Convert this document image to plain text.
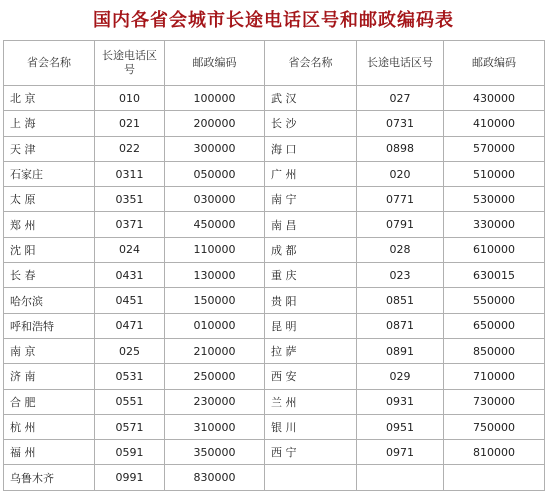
国内各省会城市长途电话区号和邮政编码表
省会名称	长途电话区号	邮政编码	省会名称	长途电话区号	邮政编码
北 京	010	100000	武 汉	027	430000
上 海	021	200000	长 沙	0731	410000
天 津	022	300000	海 口	0898	570000
石家庄	0311	050000	广 州	020	510000
太 原	0351	030000	南 宁	0771	530000
郑 州	0371	450000	南 昌	0791	330000
沈 阳	024	110000	成 都	028	610000
长 春	0431	130000	重 庆	023	630015
哈尔滨	0451	150000	贵 阳	0851	550000
呼和浩特	0471	010000	昆 明	0871	650000
南 京	025	210000	拉 萨	0891	850000
济 南	0531	250000	西 安	029	710000
合 肥	0551	230000	兰 州	0931	730000
杭 州	0571	310000	银 川	0951	750000
福 州	0591	350000	西 宁	0971	810000
乌鲁木齐	0991	830000			
